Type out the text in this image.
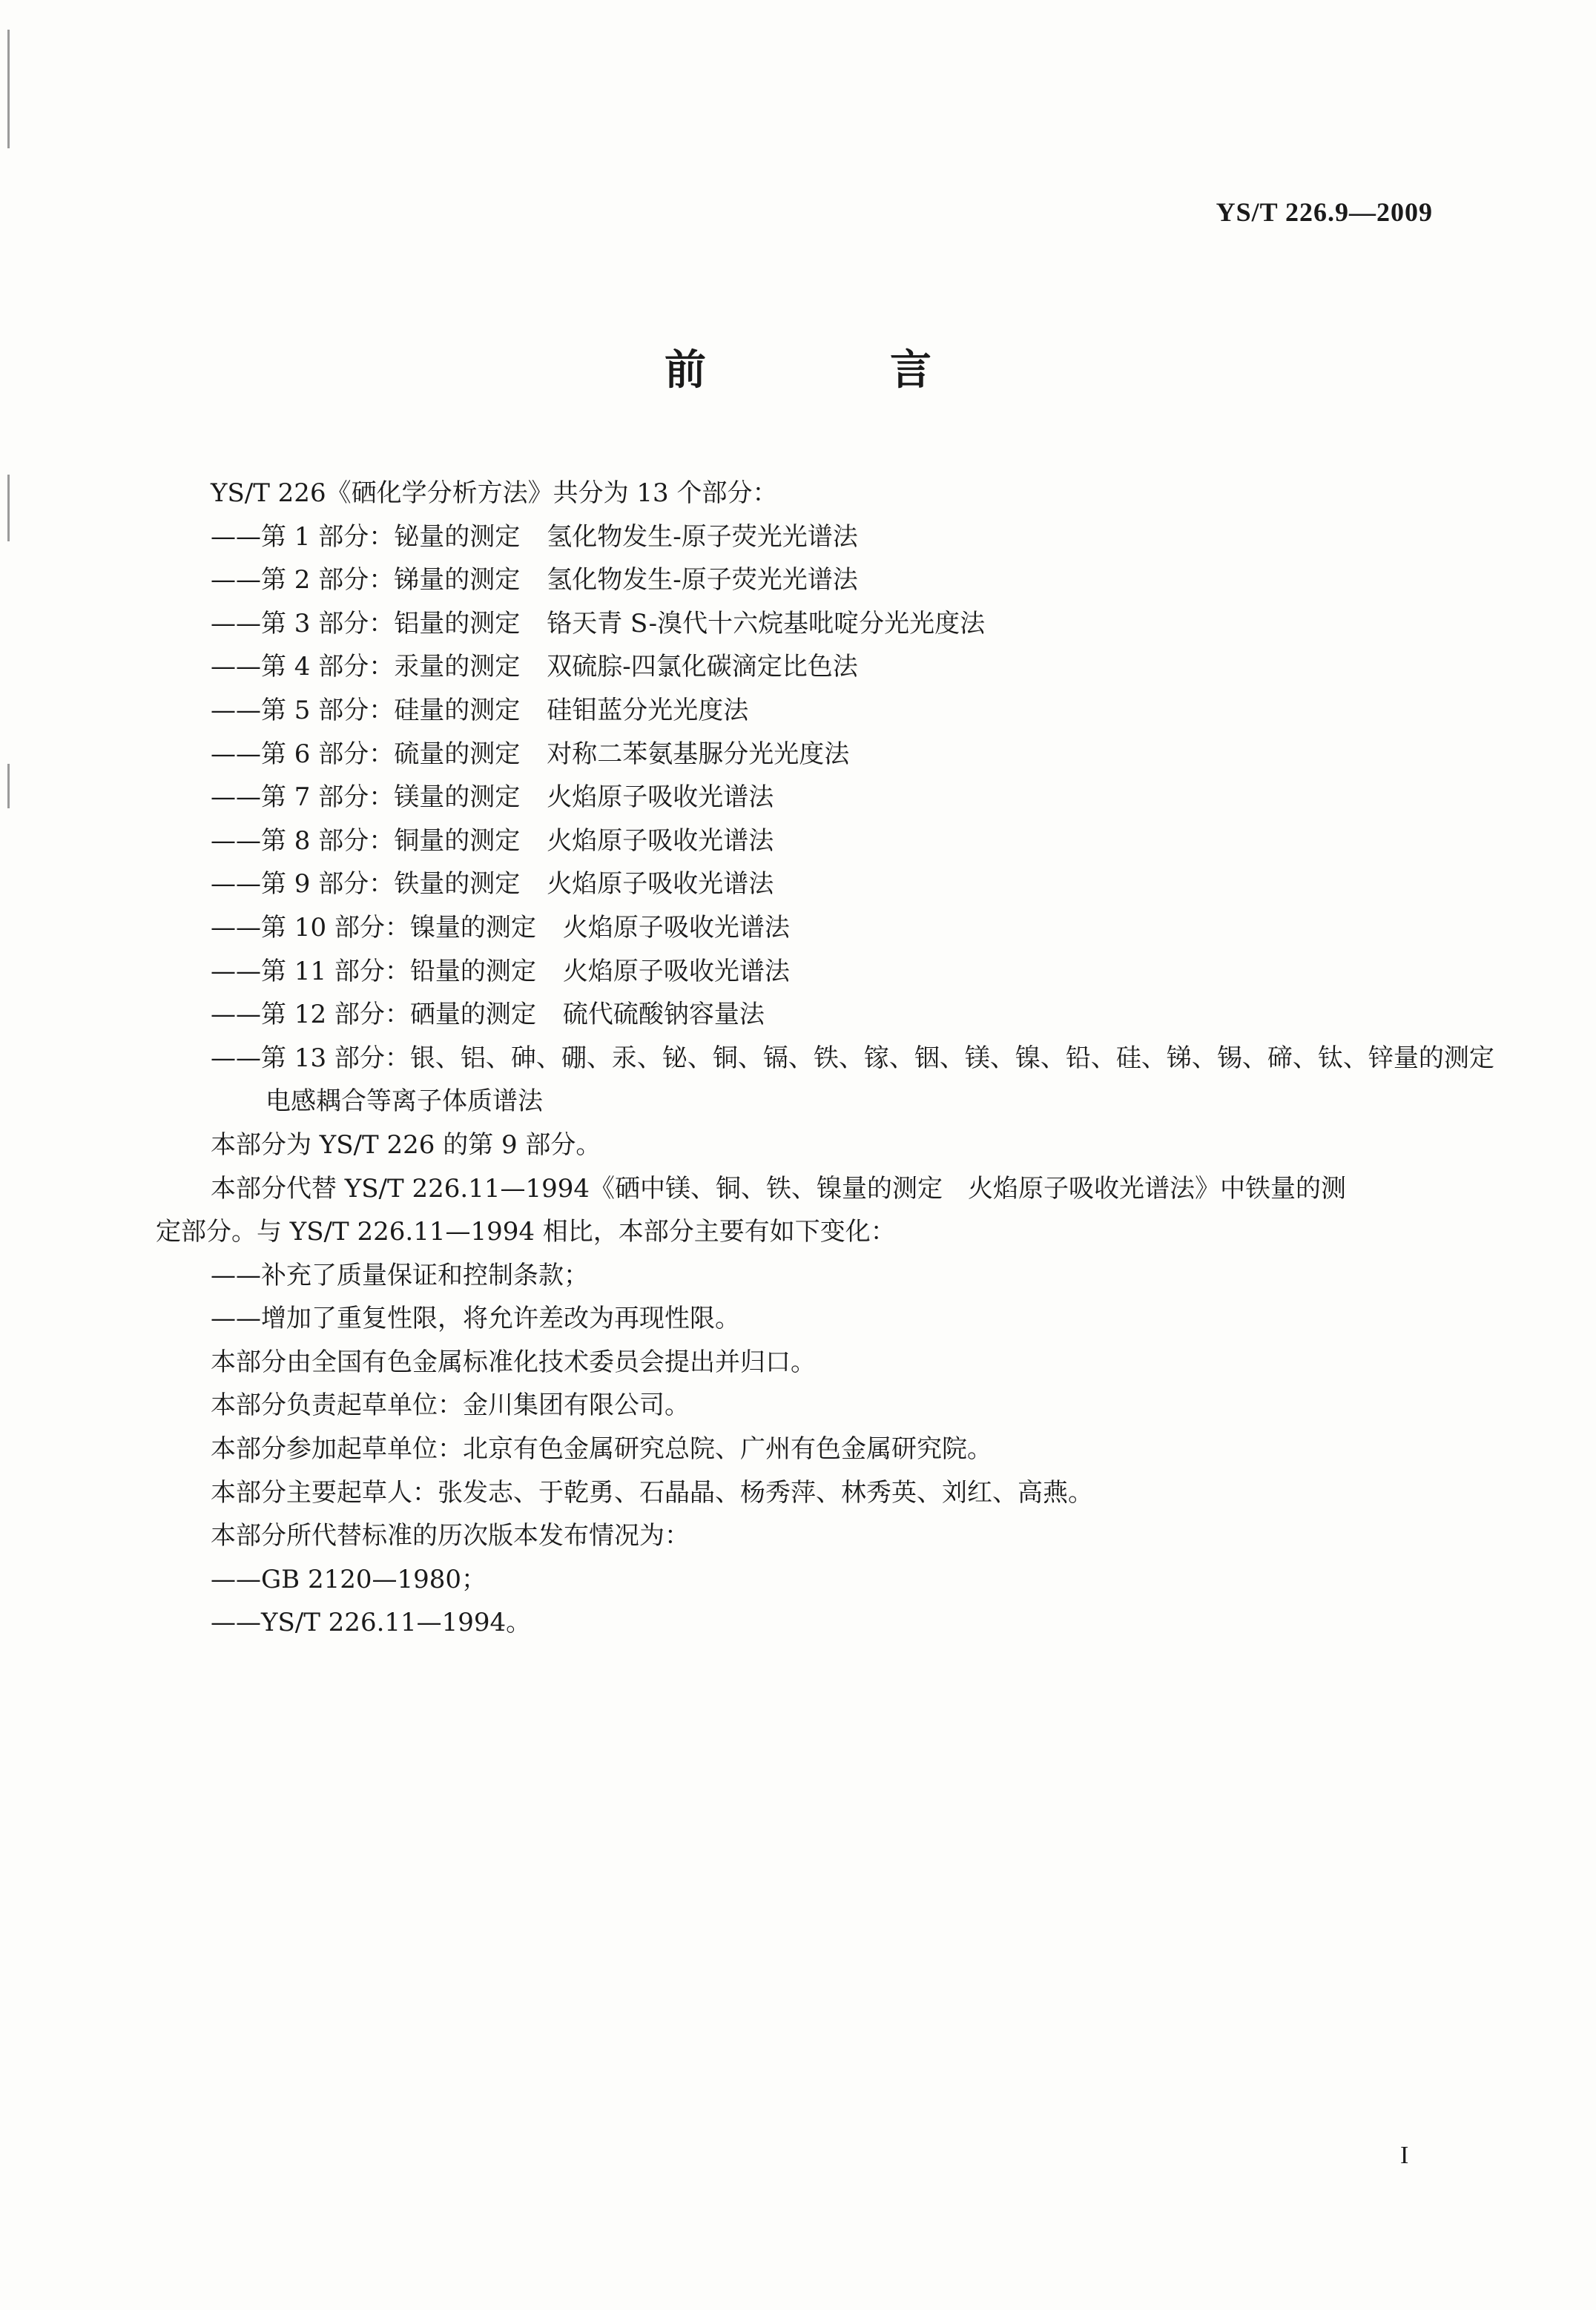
YS/T 226.9—2009
前　言
YS/T 226《硒化学分析方法》共分为 13 个部分：
——第 1 部分：铋量的测定 氢化物发生-原子荧光光谱法
——第 2 部分：锑量的测定 氢化物发生-原子荧光光谱法
——第 3 部分：铝量的测定 铬天青 S-溴代十六烷基吡啶分光光度法
——第 4 部分：汞量的测定 双硫腙-四氯化碳滴定比色法
——第 5 部分：硅量的测定 硅钼蓝分光光度法
——第 6 部分：硫量的测定 对称二苯氨基脲分光光度法
——第 7 部分：镁量的测定 火焰原子吸收光谱法
——第 8 部分：铜量的测定 火焰原子吸收光谱法
——第 9 部分：铁量的测定 火焰原子吸收光谱法
——第 10 部分：镍量的测定 火焰原子吸收光谱法
——第 11 部分：铅量的测定 火焰原子吸收光谱法
——第 12 部分：硒量的测定 硫代硫酸钠容量法
——第 13 部分：银、铝、砷、硼、汞、铋、铜、镉、铁、镓、铟、镁、镍、铅、硅、锑、锡、碲、钛、锌量的测定
电感耦合等离子体质谱法
本部分为 YS/T 226 的第 9 部分。
本部分代替 YS/T 226.11—1994《硒中镁、铜、铁、镍量的测定　火焰原子吸收光谱法》中铁量的测
定部分。与 YS/T 226.11—1994 相比，本部分主要有如下变化：
——补充了质量保证和控制条款；
——增加了重复性限，将允许差改为再现性限。
本部分由全国有色金属标准化技术委员会提出并归口。
本部分负责起草单位：金川集团有限公司。
本部分参加起草单位：北京有色金属研究总院、广州有色金属研究院。
本部分主要起草人：张发志、于乾勇、石晶晶、杨秀萍、林秀英、刘红、高燕。
本部分所代替标准的历次版本发布情况为：
——GB 2120—1980；
——YS/T 226.11—1994。
I
